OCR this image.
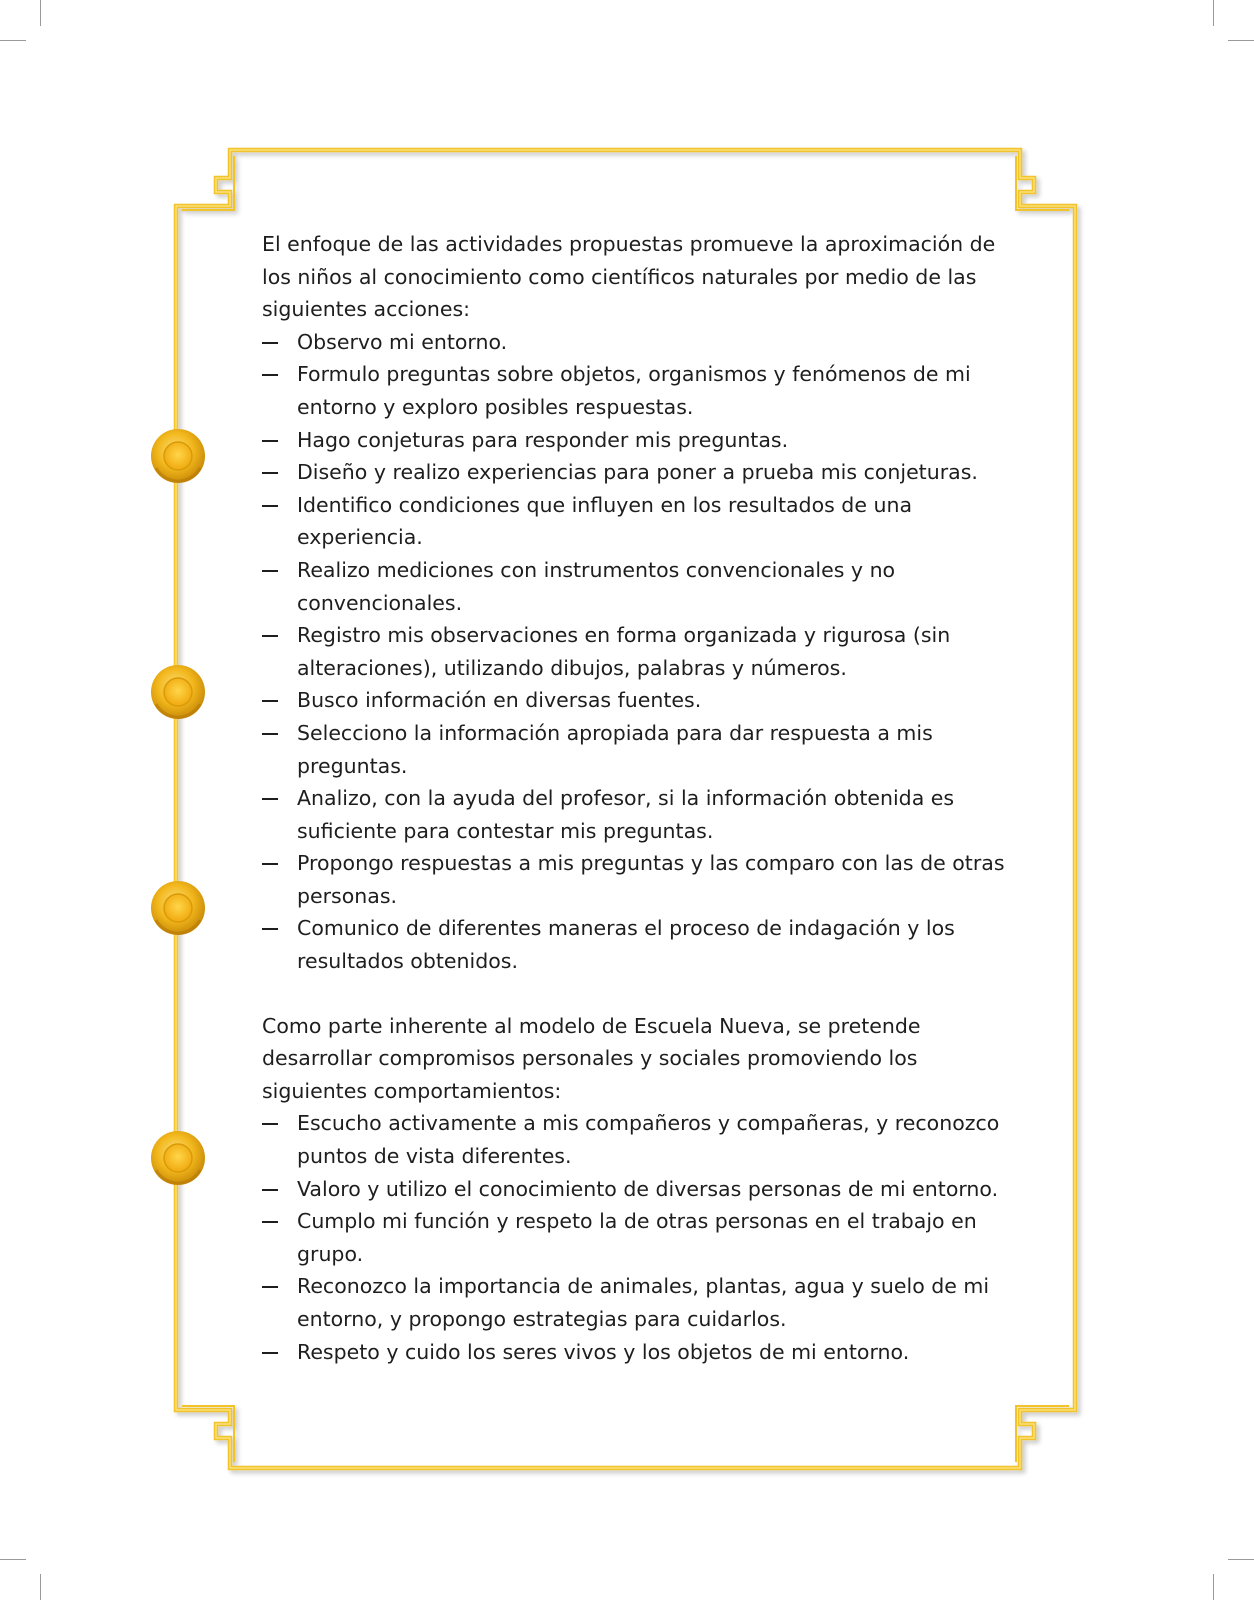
El enfoque de las actividades propuestas promueve la aproximación de los niños al conocimiento como científicos naturales por medio de las siguientes acciones:

Observo mi entorno.
Formulo preguntas sobre objetos, organismos y fenómenos de mi entorno y exploro posibles respuestas.
Hago conjeturas para responder mis preguntas.
Diseño y realizo experiencias para poner a prueba mis conjeturas.
Identifico condiciones que influyen en los resultados de una experiencia.
Realizo mediciones con instrumentos convencionales y no convencionales.
Registro mis observaciones en forma organizada y rigurosa (sin alteraciones), utilizando dibujos, palabras y números.
Busco información en diversas fuentes.
Selecciono la información apropiada para dar respuesta a mis preguntas.
Analizo, con la ayuda del profesor, si la información obtenida es suficiente para contestar mis preguntas.
Propongo respuestas a mis preguntas y las comparo con las de otras personas.
Comunico de diferentes maneras el proceso de indagación y los resultados obtenidos.

Como parte inherente al modelo de Escuela Nueva, se pretende desarrollar compromisos personales y sociales promoviendo los siguientes comportamientos:

Escucho activamente a mis compañeros y compañeras, y reconozco puntos de vista diferentes.
Valoro y utilizo el conocimiento de diversas personas de mi entorno.
Cumplo mi función y respeto la de otras personas en el trabajo en grupo.
Reconozco la importancia de animales, plantas, agua y suelo de mi entorno, y propongo estrategias para cuidarlos.
Respeto y cuido los seres vivos y los objetos de mi entorno.
